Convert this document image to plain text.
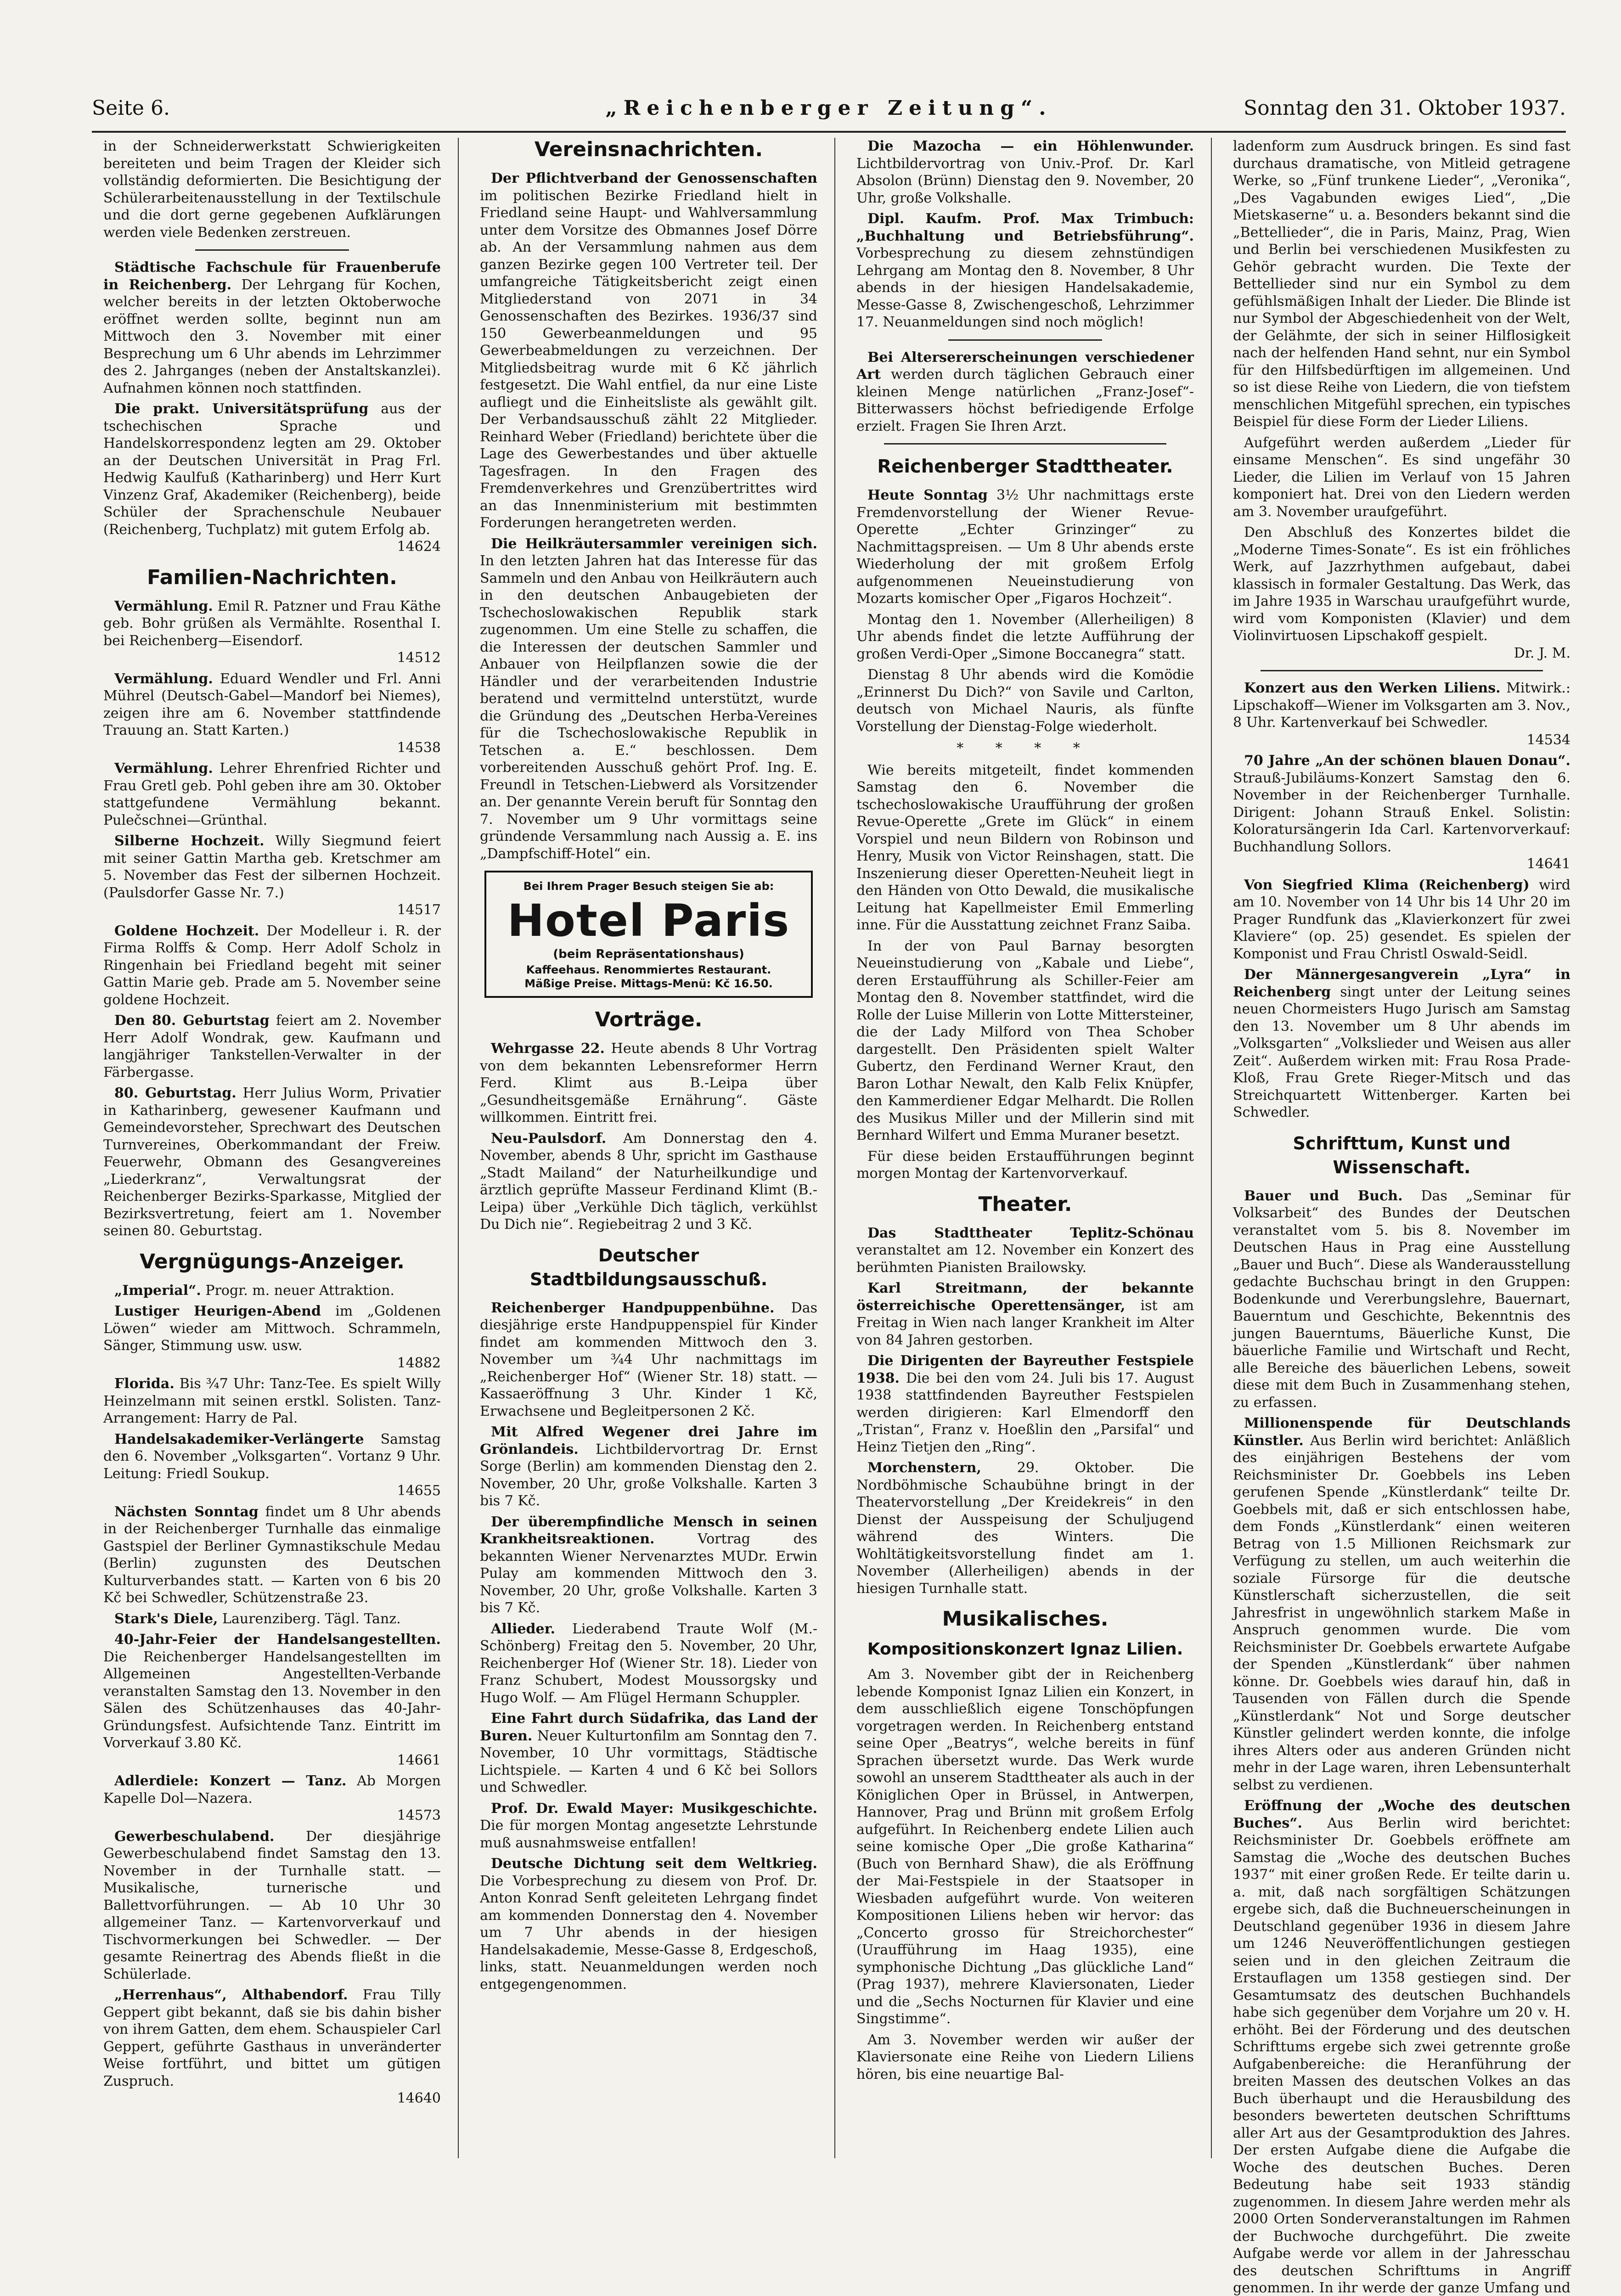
„Reichenberger Zeitung“.
Seite 6.	Sonntag den 31. Oktober 1937.

in der Schneiderwerkstatt Schwierigkeiten bereiteten und beim Tragen der Kleider sich vollständig deformierten. Die Besichtigung der Schülerarbeitenausstellung in der Textilschule und die dort gerne gegebenen Aufklärungen werden viele Bedenken zerstreuen.

Städtische Fachschule für Frauenberufe in Reichenberg. Der Lehrgang für Kochen, welcher bereits in der letzten Oktoberwoche eröffnet werden sollte, beginnt nun am Mittwoch den 3. November mit einer Besprechung um 6 Uhr abends im Lehrzimmer des 2. Jahrganges (neben der Anstaltskanzlei). Aufnahmen können noch stattfinden.

Die prakt. Universitätsprüfung aus der tschechischen Sprache und Handelskorrespondenz legten am 29. Oktober an der Deutschen Universität in Prag Frl. Hedwig Kaulfuß (Katharinberg) und Herr Kurt Vinzenz Graf, Akademiker (Reichenberg), beide Schüler der Sprachenschule Neubauer (Reichenberg, Tuchplatz) mit gutem Erfolg ab.
14624

Familien-Nachrichten.

Vermählung. Emil R. Patzner und Frau Käthe geb. Bohr grüßen als Vermählte. Rosenthal I. bei Reichenberg—Eisendorf.
14512

Vermählung. Eduard Wendler und Frl. Anni Mührel (Deutsch-Gabel—Mandorf bei Niemes), zeigen ihre am 6. November stattfindende Trauung an. Statt Karten.)
14538

Vermählung. Lehrer Ehrenfried Richter und Frau Gretl geb. Pohl geben ihre am 30. Oktober stattgefundene Vermählung bekannt. Pulečschnei—Grünthal.

Silberne Hochzeit. Willy Siegmund feiert mit seiner Gattin Martha geb. Kretschmer am 5. November das Fest der silbernen Hochzeit. (Paulsdorfer Gasse Nr. 7.)
14517

Goldene Hochzeit. Der Modelleur i. R. der Firma Rolffs & Comp. Herr Adolf Scholz in Ringenhain bei Friedland begeht mit seiner Gattin Marie geb. Prade am 5. November seine goldene Hochzeit.

Den 80. Geburtstag feiert am 2. November Herr Adolf Wondrak, gew. Kaufmann und langjähriger Tankstellen-Verwalter in der Färbergasse.

80. Geburtstag. Herr Julius Worm, Privatier in Katharinberg, gewesener Kaufmann und Gemeindevorsteher, Sprechwart des Deutschen Turnvereines, Oberkommandant der Freiw. Feuerwehr, Obmann des Gesangvereines „Liederkranz“, Verwaltungsrat der Reichenberger Bezirks-Sparkasse, Mitglied der Bezirksvertretung, feiert am 1. November seinen 80. Geburtstag.

Vergnügungs-Anzeiger.

„Imperial“. Progr. m. neuer Attraktion.

Lustiger Heurigen-Abend im „Goldenen Löwen“ wieder am Mittwoch. Schrammeln, Sänger, Stimmung usw. usw.
14882

Florida. Bis ¾7 Uhr: Tanz-Tee. Es spielt Willy Heinzelmann mit seinen erstkl. Solisten. Tanz-Arrangement: Harry de Pal.

Handelsakademiker-Verlängerte Samstag den 6. November „Volksgarten“. Vortanz 9 Uhr. Leitung: Friedl Soukup.
14655

Nächsten Sonntag findet um 8 Uhr abends in der Reichenberger Turnhalle das einmalige Gastspiel der Berliner Gymnastikschule Medau (Berlin) zugunsten des Deutschen Kulturverbandes statt. — Karten von 6 bis 20 Kč bei Schwedler, Schützenstraße 23.

Stark's Diele, Laurenziberg. Tägl. Tanz.

40-Jahr-Feier der Handelsangestellten. Die Reichenberger Handelsangestellten im Allgemeinen Angestellten-Verbande veranstalten Samstag den 13. November in den Sälen des Schützenhauses das 40-Jahr-Gründungsfest. Aufsichtende Tanz. Eintritt im Vorverkauf 3.80 Kč.
14661

Adlerdiele: Konzert — Tanz. Ab Morgen Kapelle Dol—Nazera.
14573

Gewerbeschulabend. Der diesjährige Gewerbeschulabend findet Samstag den 13. November in der Turnhalle statt. — Musikalische, turnerische und Ballettvorführungen. — Ab 10 Uhr 30 allgemeiner Tanz. — Kartenvorverkauf und Tischvormerkungen bei Schwedler. — Der gesamte Reinertrag des Abends fließt in die Schülerlade.

„Herrenhaus“, Althabendorf. Frau Tilly Geppert gibt bekannt, daß sie bis dahin bisher von ihrem Gatten, dem ehem. Schauspieler Carl Geppert, geführte Gasthaus in unveränderter Weise fortführt, und bittet um gütigen Zuspruch.
14640

Vereinsnachrichten.

Der Pflichtverband der Genossenschaften im politischen Bezirke Friedland hielt in Friedland seine Haupt- und Wahlversammlung unter dem Vorsitze des Obmannes Josef Dörre ab. An der Versammlung nahmen aus dem ganzen Bezirke gegen 100 Vertreter teil. Der umfangreiche Tätigkeitsbericht zeigt einen Mitgliederstand von 2071 in 34 Genossenschaften des Bezirkes. 1936/37 sind 150 Gewerbeanmeldungen und 95 Gewerbeabmeldungen zu verzeichnen. Der Mitgliedsbeitrag wurde mit 6 Kč jährlich festgesetzt. Die Wahl entfiel, da nur eine Liste aufliegt und die Einheitsliste als gewählt gilt. Der Verbandsausschuß zählt 22 Mitglieder. Reinhard Weber (Friedland) berichtete über die Lage des Gewerbestandes und über aktuelle Tagesfragen. In den Fragen des Fremdenverkehres und Grenzübertrittes wird an das Innenministerium mit bestimmten Forderungen herangetreten werden.

Die Heilkräutersammler vereinigen sich. In den letzten Jahren hat das Interesse für das Sammeln und den Anbau von Heilkräutern auch in den deutschen Anbaugebieten der Tschechoslowakischen Republik stark zugenommen. Um eine Stelle zu schaffen, die die Interessen der deutschen Sammler und Anbauer von Heilpflanzen sowie die der Händler und der verarbeitenden Industrie beratend und vermittelnd unterstützt, wurde die Gründung des „Deutschen Herba-Vereines für die Tschechoslowakische Republik in Tetschen a. E.“ beschlossen. Dem vorbereitenden Ausschuß gehört Prof. Ing. E. Freundl in Tetschen-Liebwerd als Vorsitzender an. Der genannte Verein beruft für Sonntag den 7. November um 9 Uhr vormittags seine gründende Versammlung nach Aussig a. E. ins „Dampfschiff-Hotel“ ein.

Bei Ihrem Prager Besuch steigen Sie ab:
Hotel Paris
(beim Repräsentationshaus)
Kaffeehaus. Renommiertes Restaurant.
Mäßige Preise. Mittags-Menü: Kč 16.50.
Vorträge.

Wehrgasse 22. Heute abends 8 Uhr Vortrag von dem bekannten Lebensreformer Herrn Ferd. Klimt aus B.-Leipa über „Gesundheitsgemäße Ernährung“. Gäste willkommen. Eintritt frei.

Neu-Paulsdorf. Am Donnerstag den 4. November, abends 8 Uhr, spricht im Gasthause „Stadt Mailand“ der Naturheilkundige und ärztlich geprüfte Masseur Ferdinand Klimt (B.-Leipa) über „Verkühle Dich täglich, verkühlst Du Dich nie“. Regiebeitrag 2 und 3 Kč.

Deutscher Stadtbildungsausschuß.

Reichenberger Handpuppenbühne. Das diesjährige erste Handpuppenspiel für Kinder findet am kommenden Mittwoch den 3. November um ¾4 Uhr nachmittags im „Reichenberger Hof“ (Wiener Str. 18) statt. — Kassaeröffnung 3 Uhr. Kinder 1 Kč, Erwachsene und Begleitpersonen 2 Kč.

Mit Alfred Wegener drei Jahre im Grönlandeis. Lichtbildervortrag Dr. Ernst Sorge (Berlin) am kommenden Dienstag den 2. November, 20 Uhr, große Volkshalle. Karten 3 bis 7 Kč.

Der überempfindliche Mensch in seinen Krankheitsreaktionen. Vortrag des bekannten Wiener Nervenarztes MUDr. Erwin Pulay am kommenden Mittwoch den 3. November, 20 Uhr, große Volkshalle. Karten 3 bis 7 Kč.

Allieder. Liederabend Traute Wolf (M.-Schönberg) Freitag den 5. November, 20 Uhr, Reichenberger Hof (Wiener Str. 18). Lieder von Franz Schubert, Modest Moussorgsky und Hugo Wolf. — Am Flügel Hermann Schuppler.

Eine Fahrt durch Südafrika, das Land der Buren. Neuer Kulturtonfilm am Sonntag den 7. November, 10 Uhr vormittags, Städtische Lichtspiele. — Karten 4 und 6 Kč bei Sollors und Schwedler.

Prof. Dr. Ewald Mayer: Musikgeschichte. Die für morgen Montag angesetzte Lehrstunde muß ausnahmsweise entfallen!

Deutsche Dichtung seit dem Weltkrieg. Die Vorbesprechung zu diesem von Prof. Dr. Anton Konrad Senft geleiteten Lehrgang findet am kommenden Donnerstag den 4. November um 7 Uhr abends in der hiesigen Handelsakademie, Messe-Gasse 8, Erdgeschoß, links, statt. Neuanmeldungen werden noch entgegengenommen.

Die Mazocha — ein Höhlenwunder. Lichtbildervortrag von Univ.-Prof. Dr. Karl Absolon (Brünn) Dienstag den 9. November, 20 Uhr, große Volkshalle.

Dipl. Kaufm. Prof. Max Trimbuch: „Buchhaltung und Betriebsführung“. Vorbesprechung zu diesem zehnstündigen Lehrgang am Montag den 8. November, 8 Uhr abends in der hiesigen Handelsakademie, Messe-Gasse 8, Zwischengeschoß, Lehrzimmer 17. Neuanmeldungen sind noch möglich!

Bei Altersererscheinungen verschiedener Art werden durch täglichen Gebrauch einer kleinen Menge natürlichen „Franz-Josef“-Bitterwassers höchst befriedigende Erfolge erzielt. Fragen Sie Ihren Arzt.

Reichenberger Stadttheater.

Heute Sonntag 3½ Uhr nachmittags erste Fremdenvorstellung der Wiener Revue-Operette „Echter Grinzinger“ zu Nachmittagspreisen. — Um 8 Uhr abends erste Wiederholung der mit großem Erfolg aufgenommenen Neueinstudierung von Mozarts komischer Oper „Figaros Hochzeit“.

Montag den 1. November (Allerheiligen) 8 Uhr abends findet die letzte Aufführung der großen Verdi-Oper „Simone Boccanegra“ statt.

Dienstag 8 Uhr abends wird die Komödie „Erinnerst Du Dich?“ von Savile und Carlton, deutsch von Michael Nauris, als fünfte Vorstellung der Dienstag-Folge wiederholt.

* * * *

Wie bereits mitgeteilt, findet kommenden Samstag den 6. November die tschechoslowakische Uraufführung der großen Revue-Operette „Grete im Glück“ in einem Vorspiel und neun Bildern von Robinson und Henry, Musik von Victor Reinshagen, statt. Die Inszenierung dieser Operetten-Neuheit liegt in den Händen von Otto Dewald, die musikalische Leitung hat Kapellmeister Emil Emmerling inne. Für die Ausstattung zeichnet Franz Saiba.

In der von Paul Barnay besorgten Neueinstudierung von „Kabale und Liebe“, deren Erstaufführung als Schiller-Feier am Montag den 8. November stattfindet, wird die Rolle der Luise Millerin von Lotte Mittersteiner, die der Lady Milford von Thea Schober dargestellt. Den Präsidenten spielt Walter Gubertz, den Ferdinand Werner Kraut, den Baron Lothar Newalt, den Kalb Felix Knüpfer, den Kammerdiener Edgar Melhardt. Die Rollen des Musikus Miller und der Millerin sind mit Bernhard Wilfert und Emma Muraner besetzt.

Für diese beiden Erstaufführungen beginnt morgen Montag der Kartenvorverkauf.

Theater.

Das Stadttheater Teplitz-Schönau veranstaltet am 12. November ein Konzert des berühmten Pianisten Brailowsky.

Karl Streitmann, der bekannte österreichische Operettensänger, ist am Freitag in Wien nach langer Krankheit im Alter von 84 Jahren gestorben.

Die Dirigenten der Bayreuther Festspiele 1938. Die bei den vom 24. Juli bis 17. August 1938 stattfindenden Bayreuther Festspielen werden dirigieren: Karl Elmendorff den „Tristan“, Franz v. Hoeßlin den „Parsifal“ und Heinz Tietjen den „Ring“.

Morchenstern, 29. Oktober. Die Nordböhmische Schaubühne bringt in der Theatervorstellung „Der Kreidekreis“ in den Dienst der Ausspeisung der Schuljugend während des Winters. Die Wohltätigkeitsvorstellung findet am 1. November (Allerheiligen) abends in der hiesigen Turnhalle statt.

Musikalisches.
Kompositionskonzert Ignaz Lilien.

Am 3. November gibt der in Reichenberg lebende Komponist Ignaz Lilien ein Konzert, in dem ausschließlich eigene Tonschöpfungen vorgetragen werden. In Reichenberg entstand seine Oper „Beatrys“, welche bereits in fünf Sprachen übersetzt wurde. Das Werk wurde sowohl an unserem Stadttheater als auch in der Königlichen Oper in Brüssel, in Antwerpen, Hannover, Prag und Brünn mit großem Erfolg aufgeführt. In Reichenberg endete Lilien auch seine komische Oper „Die große Katharina“ (Buch von Bernhard Shaw), die als Eröffnung der Mai-Festspiele in der Staatsoper in Wiesbaden aufgeführt wurde. Von weiteren Kompositionen Liliens heben wir hervor: das „Concerto grosso für Streichorchester“ (Uraufführung im Haag 1935), eine symphonische Dichtung „Das glückliche Land“ (Prag 1937), mehrere Klaviersonaten, Lieder und die „Sechs Nocturnen für Klavier und eine Singstimme“.

Am 3. November werden wir außer der Klaviersonate eine Reihe von Liedern Liliens hören, bis eine neuartige Bal-

ladenform zum Ausdruck bringen. Es sind fast durchaus dramatische, von Mitleid getragene Werke, so „Fünf trunkene Lieder“, „Veronika“, „Des Vagabunden ewiges Lied“, „Die Mietskaserne“ u. a. Besonders bekannt sind die „Bettellieder“, die in Paris, Mainz, Prag, Wien und Berlin bei verschiedenen Musikfesten zu Gehör gebracht wurden. Die Texte der Bettellieder sind nur ein Symbol zu dem gefühlsmäßigen Inhalt der Lieder. Die Blinde ist nur Symbol der Abgeschiedenheit von der Welt, der Gelähmte, der sich in seiner Hilflosigkeit nach der helfenden Hand sehnt, nur ein Symbol für den Hilfsbedürftigen im allgemeinen. Und so ist diese Reihe von Liedern, die von tiefstem menschlichen Mitgefühl sprechen, ein typisches Beispiel für diese Form der Lieder Liliens.

Aufgeführt werden außerdem „Lieder für einsame Menschen“. Es sind ungefähr 30 Lieder, die Lilien im Verlauf von 15 Jahren komponiert hat. Drei von den Liedern werden am 3. November uraufgeführt.

Den Abschluß des Konzertes bildet die „Moderne Times-Sonate“. Es ist ein fröhliches Werk, auf Jazzrhythmen aufgebaut, dabei klassisch in formaler Gestaltung. Das Werk, das im Jahre 1935 in Warschau uraufgeführt wurde, wird vom Komponisten (Klavier) und dem Violinvirtuosen Lipschakoff gespielt.
Dr. J. M.

Konzert aus den Werken Liliens. Mitwirk.: Lipschakoff—Wiener im Volksgarten am 3. Nov., 8 Uhr. Kartenverkauf bei Schwedler.
14534

70 Jahre „An der schönen blauen Donau“. Strauß-Jubiläums-Konzert Samstag den 6. November in der Reichenberger Turnhalle. Dirigent: Johann Strauß Enkel. Solistin: Koloratursängerin Ida Carl. Kartenvorverkauf: Buchhandlung Sollors.
14641

Von Siegfried Klima (Reichenberg) wird am 10. November von 14 Uhr bis 14 Uhr 20 im Prager Rundfunk das „Klavierkonzert für zwei Klaviere“ (op. 25) gesendet. Es spielen der Komponist und Frau Christl Oswald-Seidl.

Der Männergesangverein „Lyra“ in Reichenberg singt unter der Leitung seines neuen Chormeisters Hugo Jurisch am Samstag den 13. November um 8 Uhr abends im „Volksgarten“ „Volkslieder und Weisen aus aller Zeit“. Außerdem wirken mit: Frau Rosa Prade-Kloß, Frau Grete Rieger-Mitsch und das Streichquartett Wittenberger. Karten bei Schwedler.

Schrifttum, Kunst und Wissenschaft.

Bauer und Buch. Das „Seminar für Volksarbeit“ des Bundes der Deutschen veranstaltet vom 5. bis 8. November im Deutschen Haus in Prag eine Ausstellung „Bauer und Buch“. Diese als Wanderausstellung gedachte Buchschau bringt in den Gruppen: Bodenkunde und Vererbungslehre, Bauernart, Bauerntum und Geschichte, Bekenntnis des jungen Bauerntums, Bäuerliche Kunst, Die bäuerliche Familie und Wirtschaft und Recht, alle Bereiche des bäuerlichen Lebens, soweit diese mit dem Buch in Zusammenhang stehen, zu erfassen.

Millionenspende für Deutschlands Künstler. Aus Berlin wird berichtet: Anläßlich des einjährigen Bestehens der vom Reichsminister Dr. Goebbels ins Leben gerufenen Spende „Künstlerdank“ teilte Dr. Goebbels mit, daß er sich entschlossen habe, dem Fonds „Künstlerdank“ einen weiteren Betrag von 1.5 Millionen Reichsmark zur Verfügung zu stellen, um auch weiterhin die soziale Fürsorge für die deutsche Künstlerschaft sicherzustellen, die seit Jahresfrist in ungewöhnlich starkem Maße in Anspruch genommen wurde. Die vom Reichsminister Dr. Goebbels erwartete Aufgabe der Spenden „Künstlerdank“ über nahmen könne. Dr. Goebbels wies darauf hin, daß in Tausenden von Fällen durch die Spende „Künstlerdank“ Not und Sorge deutscher Künstler gelindert werden konnte, die infolge ihres Alters oder aus anderen Gründen nicht mehr in der Lage waren, ihren Lebensunterhalt selbst zu verdienen.

Eröffnung der „Woche des deutschen Buches“. Aus Berlin wird berichtet: Reichsminister Dr. Goebbels eröffnete am Samstag die „Woche des deutschen Buches 1937“ mit einer großen Rede. Er teilte darin u. a. mit, daß nach sorgfältigen Schätzungen ergebe sich, daß die Buchneuerscheinungen in Deutschland gegenüber 1936 in diesem Jahre um 1246 Neuveröffentlichungen gestiegen seien und in den gleichen Zeitraum die Erstauflagen um 1358 gestiegen sind. Der Gesamtumsatz des deutschen Buchhandels habe sich gegenüber dem Vorjahre um 20 v. H. erhöht. Bei der Förderung und des deutschen Schrifttums ergebe sich zwei getrennte große Aufgabenbereiche: die Heranführung der breiten Massen des deutschen Volkes an das Buch überhaupt und die Herausbildung des besonders bewerteten deutschen Schrifttums aller Art aus der Gesamtproduktion des Jahres. Der ersten Aufgabe diene die Aufgabe die Woche des deutschen Buches. Deren Bedeutung habe seit 1933 ständig zugenommen. In diesem Jahre werden mehr als 2000 Orten Sonderveranstaltungen im Rahmen der Buchwoche durchgeführt. Die zweite Aufgabe werde vor allem in der Jahresschau des deutschen Schrifttums in Angriff genommen. In ihr werde der ganze Umfang und
